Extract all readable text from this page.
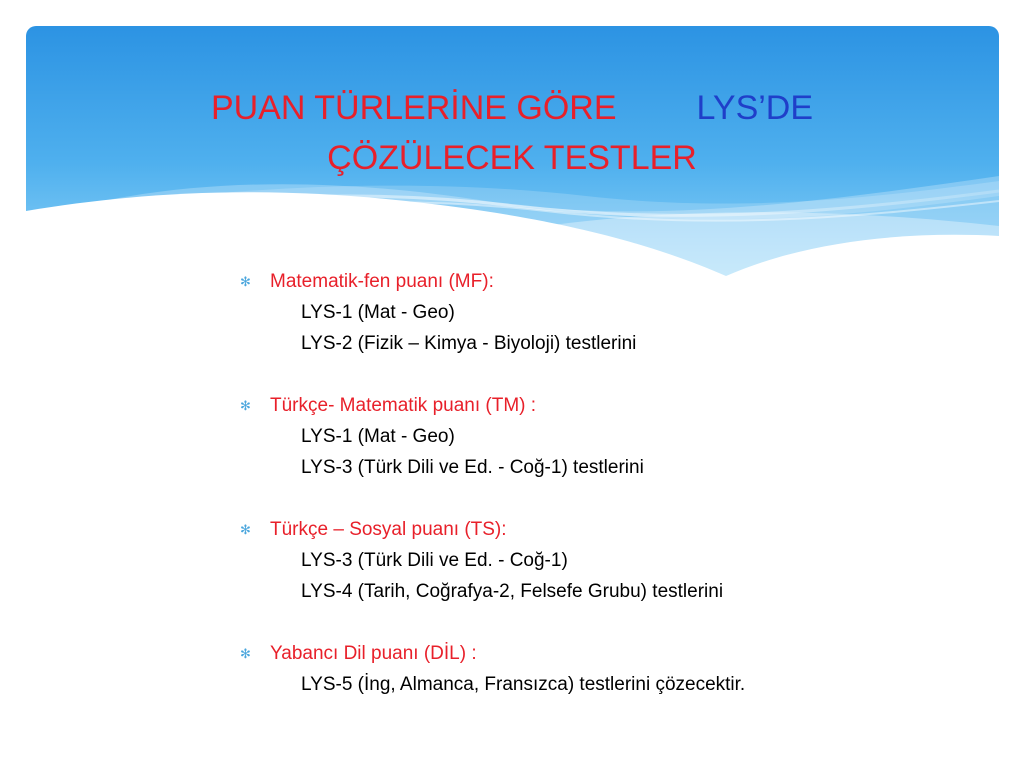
PUAN TÜRLERİNE GÖRE LYS’DE
ÇÖZÜLECEK TESTLER
✻ Matematik-fen puanı (MF):
LYS-1 (Mat - Geo)
LYS-2 (Fizik – Kimya - Biyoloji) testlerini
✻ Türkçe- Matematik puanı (TM) :
LYS-1 (Mat - Geo)
LYS-3 (Türk Dili ve Ed. - Coğ-1) testlerini
✻ Türkçe – Sosyal puanı (TS):
LYS-3 (Türk Dili ve Ed. - Coğ-1)
LYS-4 (Tarih, Coğrafya-2, Felsefe Grubu) testlerini
✻ Yabancı Dil puanı (DİL) :
LYS-5 (İng, Almanca, Fransızca) testlerini çözecektir.
